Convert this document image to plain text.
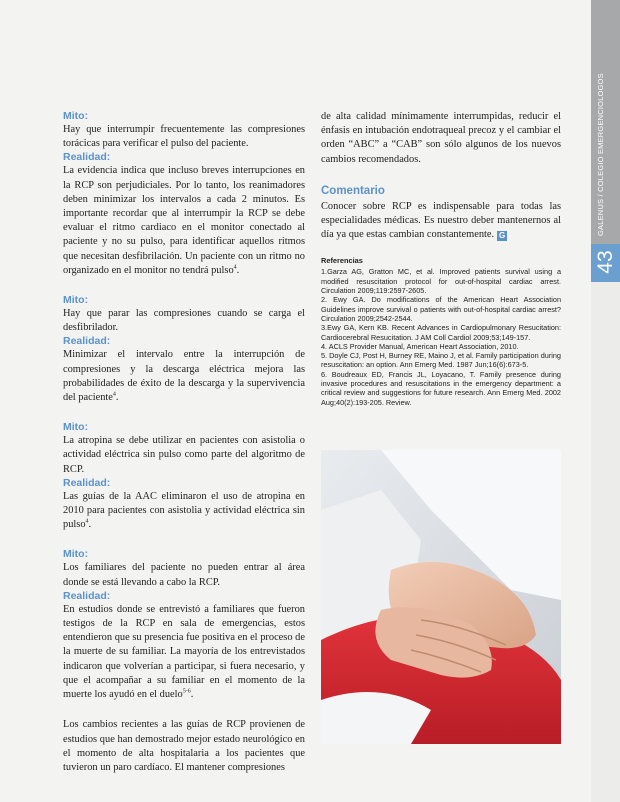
GALENUS / COLEGIO EMERGENCIOLOGOS
43
Mito:

Hay que interrumpir frecuentemente las compresiones torácicas para verificar el pulso del paciente.

Realidad:

La evidencia indica que incluso breves interrupciones en la RCP son perjudiciales. Por lo tanto, los reanimadores deben minimizar los intervalos a cada 2 minutos. Es importante recordar que al interrumpir la RCP se debe evaluar el ritmo cardiaco en el monitor conectado al paciente y no su pulso, para identificar aquellos ritmos que necesitan desfibrilación. Un paciente con un ritmo no organizado en el monitor no tendrá pulso$^4$.

Mito:

Hay que parar las compresiones cuando se carga el desfibrilador.

Realidad:

Minimizar el intervalo entre la interrupción de compresiones y la descarga eléctrica mejora las probabilidades de éxito de la descarga y la supervivencia del paciente$^4$.

Mito:

La atropina se debe utilizar en pacientes con asistolia o actividad eléctrica sin pulso como parte del algoritmo de RCP.

Realidad:

Las guías de la AAC eliminaron el uso de atropina en 2010 para pacientes con asistolia y actividad eléctrica sin pulso$^4$.

Mito:

Los familiares del paciente no pueden entrar al área donde se está llevando a cabo la RCP.

Realidad:

En estudios donde se entrevistó a familiares que fueron testigos de la RCP en sala de emergencias, estos entendieron que su presencia fue positiva en el proceso de la muerte de su familiar. La mayoría de los entrevistados indicaron que volverían a participar, si fuera necesario, y que el acompañar a su familiar en el momento de la muerte los ayudó en el duelo$^{5-6}$.

Los cambios recientes a las guías de RCP provienen de estudios que han demostrado mejor estado neurológico en el momento de alta hospitalaria a los pacientes que tuvieron un paro cardíaco. El mantener compresiones

de alta calidad mínimamente interrumpidas, reducir el énfasis en intubación endotraqueal precoz y el cambiar el orden “ABC” a “CAB” son sólo algunos de los nuevos cambios recomendados.

Comentario

Conocer sobre RCP es indispensable para todas las especialidades médicas. Es nuestro deber mantenernos al día ya que estas cambian constantemente. G

Referencias
1.Garza AG, Gratton MC, et al. Improved patients survival using a modified resuscitation protocol for out-of-hospital cardiac arrest. Circulation 2009;119:2597-2605.
2. Ewy GA. Do modifications of the American Heart Association Guidelines improve survival o patients with out-of-hospital cardiac arrest? Circulation 2009;2542-2544.
3.Ewy GA, Kern KB. Recent Advances in Cardiopulmonary Resucitation: Cardiocerebral Resucitation. J AM Coll Cardiol 2009;53;149-157.
4. ACLS Provider Manual, American Heart Association, 2010.
5. Doyle CJ, Post H, Burney RE, Maino J, et al. Family participation during resuscitation: an option. Ann Emerg Med. 1987 Jun;16(6):673-5.
6. Boudreaux ED, Francis JL, Loyacano, T. Family presence during invasive procedures and resuscitations in the emergency department: a critical review and suggestions for future research. Ann Emerg Med. 2002 Aug;40(2):193-205. Review.
